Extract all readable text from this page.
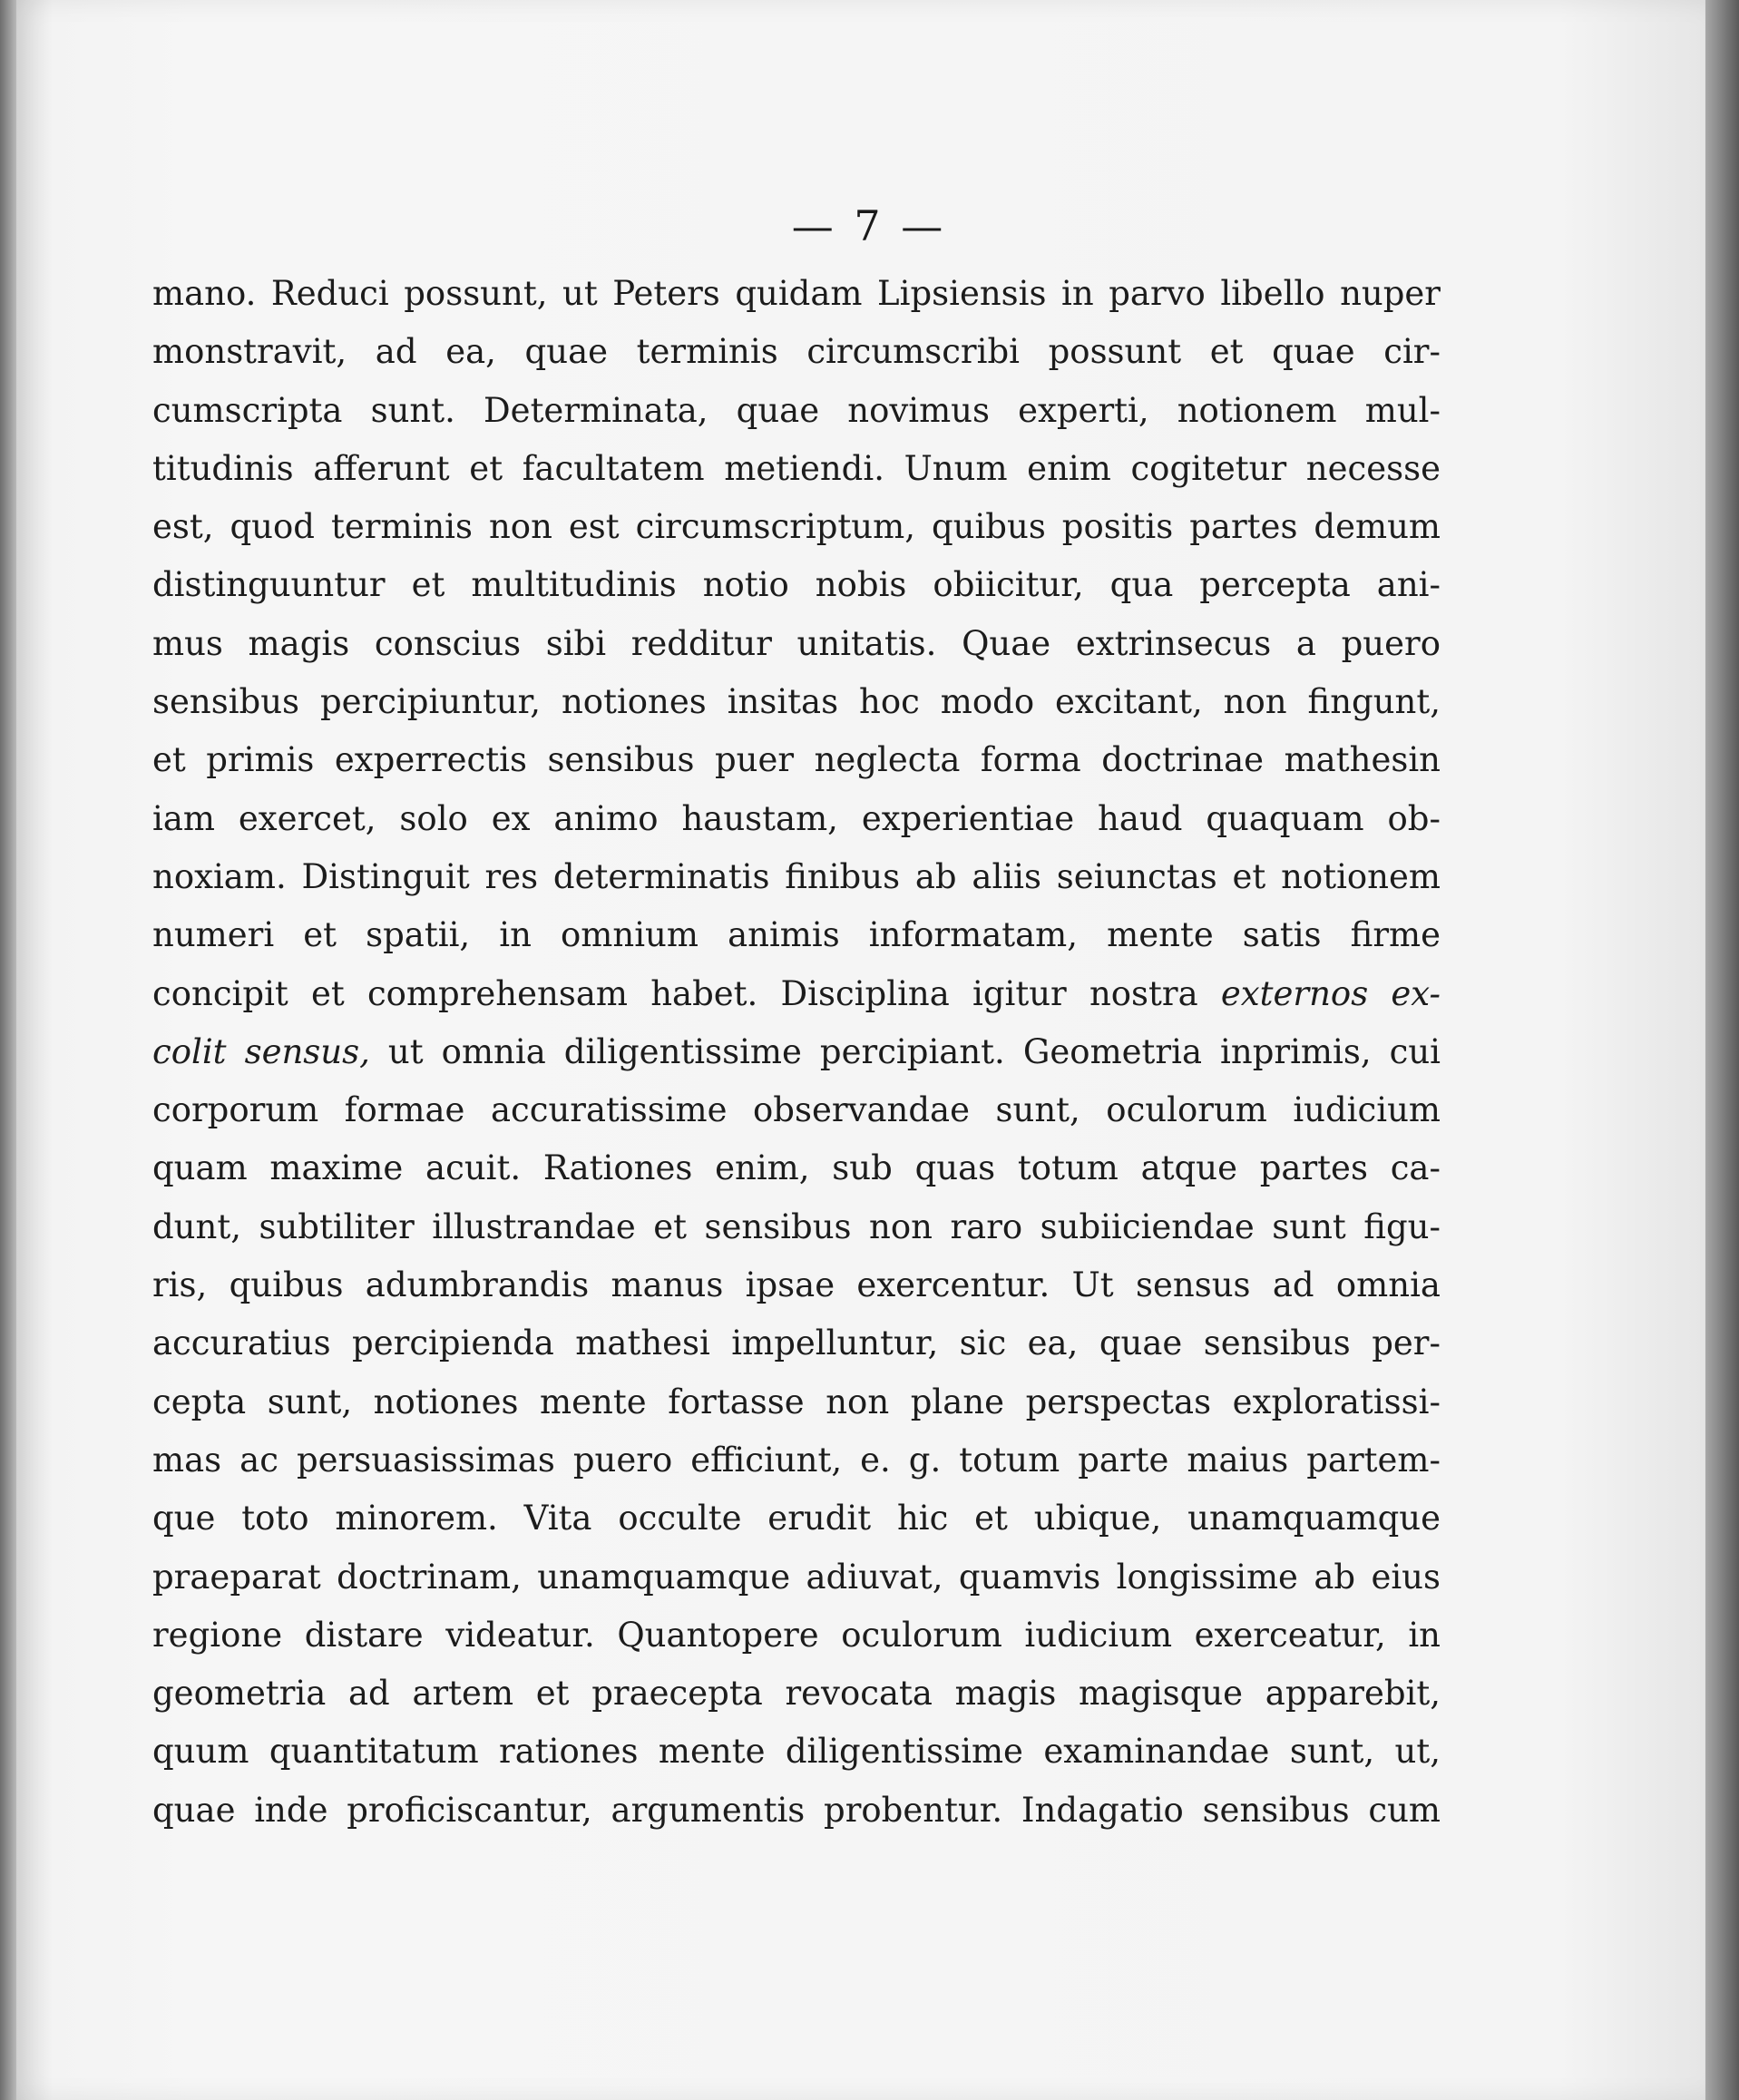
— 7 —
mano. Reduci possunt, ut Peters quidam Lipsiensis in parvo libello nuper
monstravit, ad ea, quae terminis circumscribi possunt et quae cir-
cumscripta sunt. Determinata, quae novimus experti, notionem mul-
titudinis afferunt et facultatem metiendi. Unum enim cogitetur necesse
est, quod terminis non est circumscriptum, quibus positis partes demum
distinguuntur et multitudinis notio nobis obiicitur, qua percepta ani-
mus magis conscius sibi redditur unitatis. Quae extrinsecus a puero
sensibus percipiuntur, notiones insitas hoc modo excitant, non fingunt,
et primis experrectis sensibus puer neglecta forma doctrinae mathesin
iam exercet, solo ex animo haustam, experientiae haud quaquam ob-
noxiam. Distinguit res determinatis finibus ab aliis seiunctas et notionem
numeri et spatii, in omnium animis informatam, mente satis firme
concipit et comprehensam habet. Disciplina igitur nostra externos ex-
colit sensus, ut omnia diligentissime percipiant. Geometria inprimis, cui
corporum formae accuratissime observandae sunt, oculorum iudicium
quam maxime acuit. Rationes enim, sub quas totum atque partes ca-
dunt, subtiliter illustrandae et sensibus non raro subiiciendae sunt figu-
ris, quibus adumbrandis manus ipsae exercentur. Ut sensus ad omnia
accuratius percipienda mathesi impelluntur, sic ea, quae sensibus per-
cepta sunt, notiones mente fortasse non plane perspectas exploratissi-
mas ac persuasissimas puero efficiunt, e. g. totum parte maius partem-
que toto minorem. Vita occulte erudit hic et ubique, unamquamque
praeparat doctrinam, unamquamque adiuvat, quamvis longissime ab eius
regione distare videatur. Quantopere oculorum iudicium exerceatur, in
geometria ad artem et praecepta revocata magis magisque apparebit,
quum quantitatum rationes mente diligentissime examinandae sunt, ut,
quae inde proficiscantur, argumentis probentur. Indagatio sensibus cum
